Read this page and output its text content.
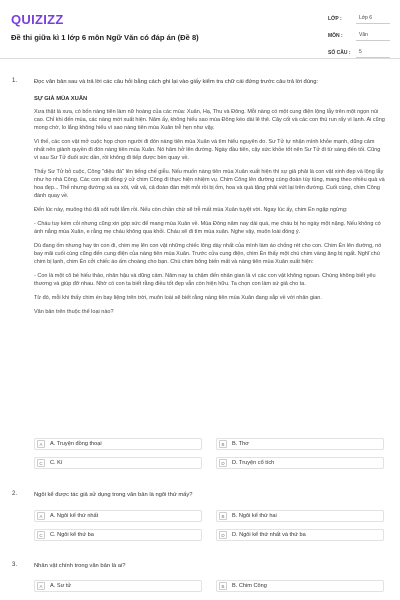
QUIZIZZ
Đề thi giữa kì 1 lớp 6 môn Ngữ Văn có đáp án (Đề 8)
LỚP :	Lớp 6
MÔN :	Văn
SỐ CÂU :	5
1.	Đọc văn bản sau và trả lời các câu hỏi bằng cách ghi lại vào giấy kiểm tra chữ cái đứng trước câu trả lời đúng:
SỰ GIÀ MÙA XUÂN

Xưa thật là xưa, có bốn nàng tiên làm nữ hoàng của các mùa: Xuân, Hạ, Thu và Đông. Mỗi nàng có một cung điện lộng lẫy trên một ngọn núi cao. Chỉ khi đến mùa, các nàng mới xuất hiện. Năm ấy, không hiểu sao mùa Đông kéo dài lê thê. Cây cối và các con thú run rẩy vì lạnh. Ai cũng mong chờ, lo lắng không hiểu vì sao nàng tiên mùa Xuân trễ hẹn như vậy.

Vì thế, các con vật mở cuộc họp chọn người đi đón nàng tiên mùa Xuân và tìm hiểu nguyên do. Sư Tử tự nhận mình khỏe mạnh, dũng cảm nhất nên giành quyền đi đón nàng tiên mùa Xuân. Nó hăm hở lên đường. Ngày đầu tiên, cậy sức khỏe tốt nên Sư Tử đi từ sáng đến tối. Cũng vì sau Sư Tử đuối sức dần, rồi không đi tiếp được bèn quay về.

Thấy Sư Tử bỏ cuộc, Công "diệu đà" lên tiếng chế giễu. Nếu muốn nàng tiên mùa Xuân xuất hiện thì sự giả phải là con vật xinh đẹp và lộng lẫy như họ nhà Công. Các con vật đồng ý cử chim Công đi thực hiện nhiệm vụ. Chim Công lên đường cùng đoàn tùy tùng, mang theo nhiều quà và hoa đẹp... Thế nhưng đường xá xa xôi, vất vả, cả đoàn đàn mệt mỏi rồi bị ốm, hoa và quà tặng phải vứt lại trên đường. Cuối cùng, chim Công đành quay về.

Đến lúc này, muông thú đã sốt ruột lắm rồi. Nếu còn chần chừ sẽ trễ mất mùa Xuân tuyệt vời. Ngay lúc ấy, chim Én ngập ngừng:

- Cháu tuy kém cỏi nhưng cũng xin góp sức để mang mùa Xuân về. Mùa Đông năm nay dài quá, mẹ cháu bị ho ngày một nặng. Nếu không có ánh nắng mùa Xuân, e rằng mẹ cháu không qua khỏi. Cháu sẽ đi tìm mùa xuân. Nghe vậy, muôn loài đồng ý.

Dù đang ốm nhưng hay tin con đi, chim mẹ lên con vật những chiếc lông dày nhất của mình làm áo chống rét cho con. Chim Én lên đường, nó bay mãi cuối cùng cũng đến cung điện của nàng tiên mùa Xuân. Trước cửa cung điện, chim Én thấy một chú chim vàng ăng bị ngất. Nghĩ chú chim bị lạnh, chim Én cởi chiếc áo ấm choàng cho bạn. Chú chim bông biến mất và nàng tiên mùa Xuân xuất hiện:

- Con là một cô bé hiếu thảo, nhân hậu và dũng cảm. Năm nay ta chậm đến nhân gian là vì các con vật không ngoan. Chúng không biết yêu thương và giúp đỡ nhau. Nhờ có con ta biết rằng điều tốt đẹp vẫn còn hiện hữu. Ta chọn con làm sứ giả cho ta.

Từ đó, mỗi khi thấy chim én bay liệng trên trời, muôn loài sẽ biết rằng nàng tiên mùa Xuân đang sắp về với nhân gian.

Văn bản trên thuộc thể loại nào?

A	A. Truyện đồng thoại	B	B. Thơ
C	C. Kí	D	D. Truyện cổ tích
2.	Ngôi kể được tác giả sử dụng trong văn bản là ngôi thứ mấy?
A	A. Ngôi kể thứ nhất	B	B. Ngôi kể thứ hai
C	C. Ngôi kể thứ ba	D	D. Ngôi kể thứ nhất và thứ ba
3.	Nhân vật chính trong văn bản là ai?
A	A. Sư tử	B	B. Chim Công
